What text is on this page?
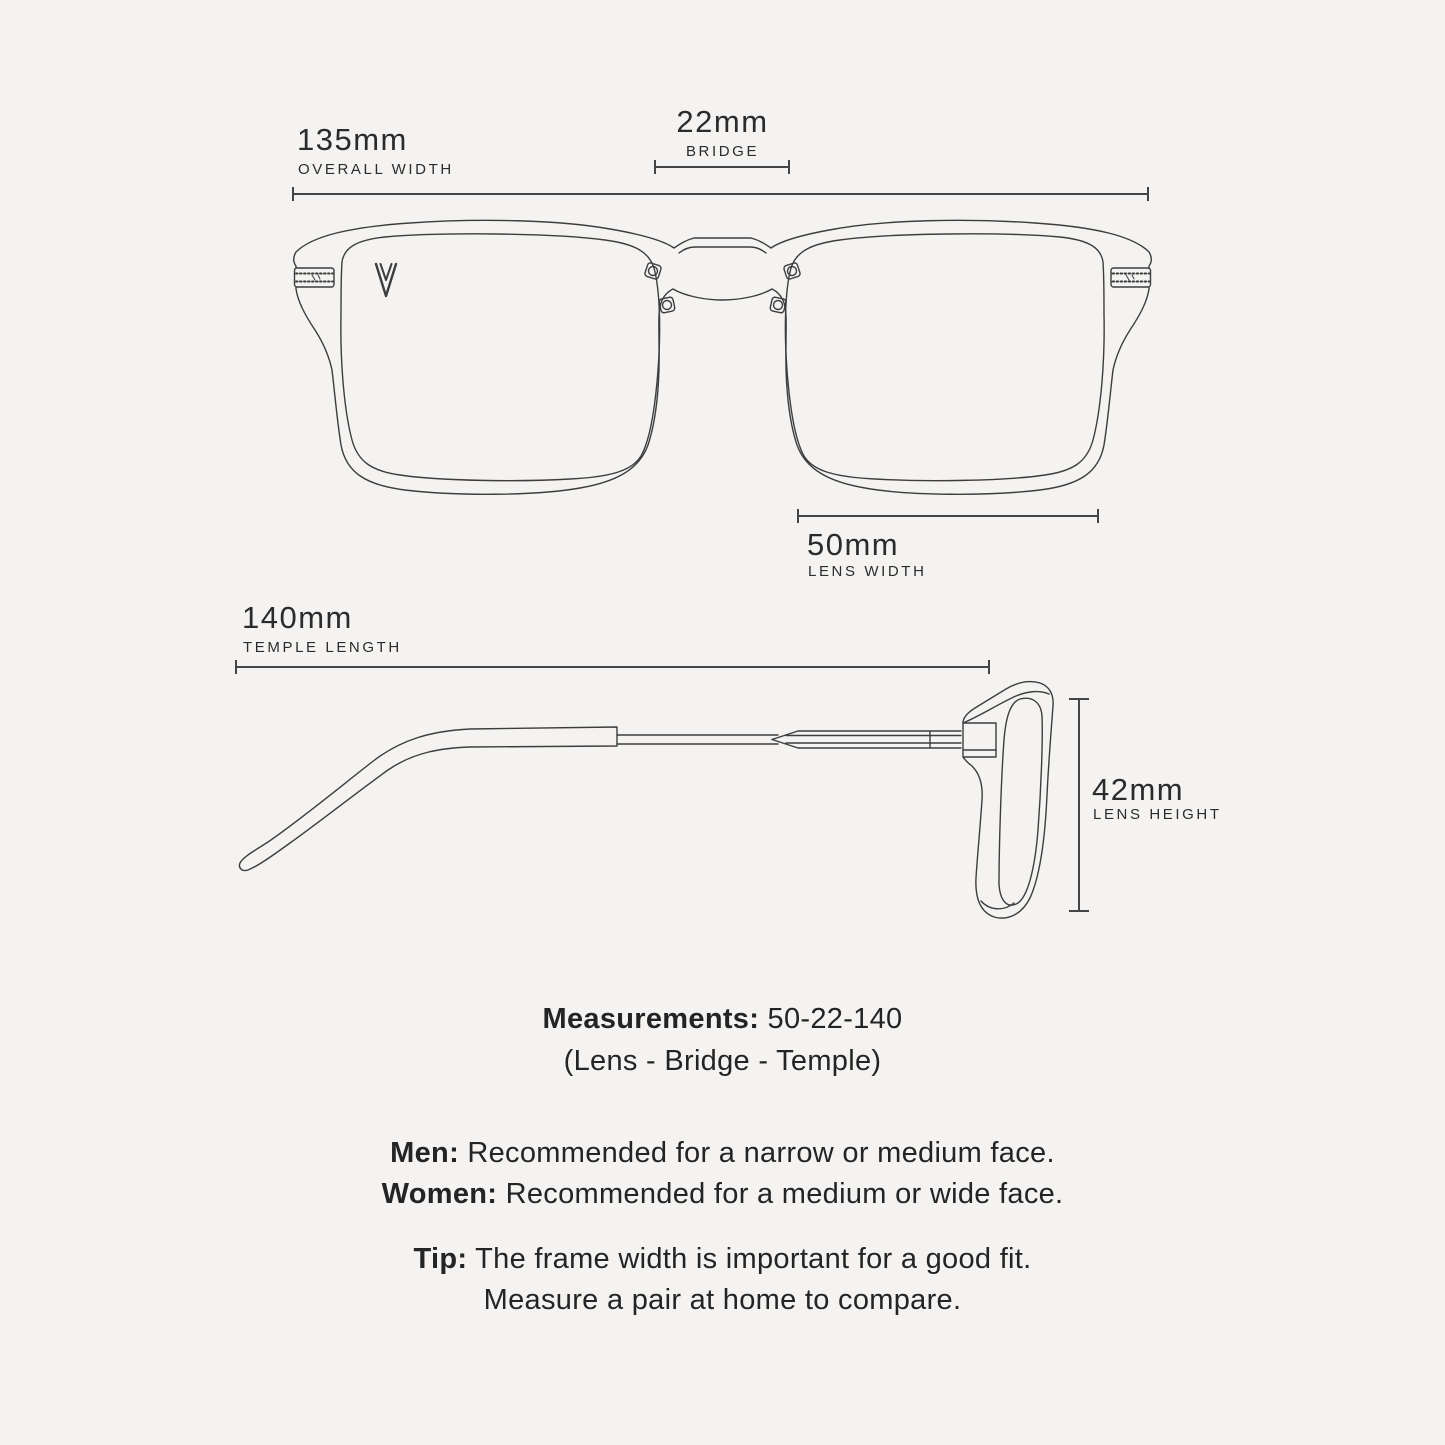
135mm
OVERALL WIDTH
22mm
BRIDGE
50mm
LENS WIDTH
140mm
TEMPLE LENGTH
42mm
LENS HEIGHT
Measurements: 50-22-140
(Lens - Bridge - Temple)
Men: Recommended for a narrow or medium face.
Women: Recommended for a medium or wide face.
Tip: The frame width is important for a good fit.
Measure a pair at home to compare.
